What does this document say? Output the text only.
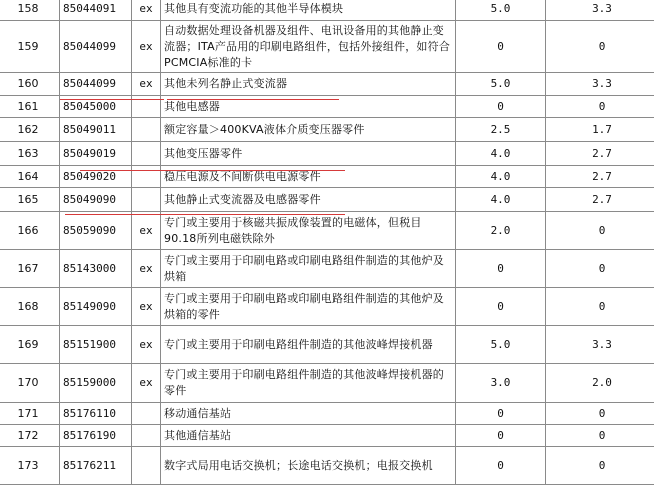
158	85044091	ex	其他具有变流功能的其他半导体模块	5.0	3.3
159	85044099	ex	自动数据处理设备机器及组件、电讯设备用的其他静止变流器；ITA产品用的印刷电路组件，包括外接组件，如符合PCMCIA标准的卡	0	0
160	85044099	ex	其他未列名静止式变流器	5.0	3.3
161	85045000		其他电感器	0	0
162	85049011		额定容量＞400KVA液体介质变压器零件	2.5	1.7
163	85049019		其他变压器零件	4.0	2.7
164	85049020		稳压电源及不间断供电电源零件	4.0	2.7
165	85049090		其他静止式变流器及电感器零件	4.0	2.7
166	85059090	ex	专门或主要用于核磁共振成像装置的电磁体，但税目90.18所列电磁铁除外	2.0	0
167	85143000	ex	专门或主要用于印刷电路或印刷电路组件制造的其他炉及烘箱	0	0
168	85149090	ex	专门或主要用于印刷电路或印刷电路组件制造的其他炉及烘箱的零件	0	0
169	85151900	ex	专门或主要用于印刷电路组件制造的其他波峰焊接机器	5.0	3.3
170	85159000	ex	专门或主要用于印刷电路组件制造的其他波峰焊接机器的零件	3.0	2.0
171	85176110		移动通信基站	0	0
172	85176190		其他通信基站	0	0
173	85176211		数字式局用电话交换机；长途电话交换机；电报交换机	0	0
